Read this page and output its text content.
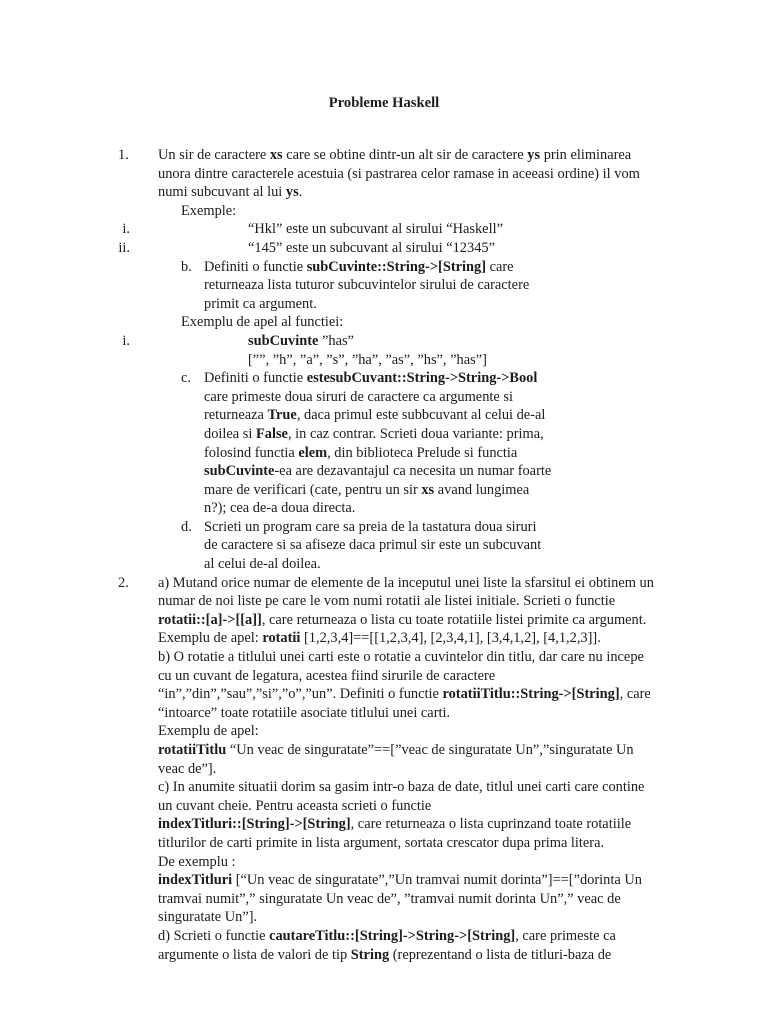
Probleme Haskell
1. Un sir de caractere xs care se obtine dintr-un alt sir de caractere ys prin eliminarea unora dintre caracterele acestuia (si pastrarea celor ramase in aceeasi ordine) il vom numi subcuvant al lui ys.

Exemple:

i.	“Hkl” este un subcuvant al sirului “Haskell”

ii.	“145” este un subcuvant al sirului “12345”

b. Definiti o functie subCuvinte::String->[String] care returneaza lista tuturor subcuvintelor sirului de caractere primit ca argument.

Exemplu de apel al functiei:

i.	subCuvinte ”has”

[””, ”h”, ”a”, ”s”, ”ha”, ”as”, ”hs”, ”has”]

c. Definiti o functie estesubCuvant::String->String->Bool care primeste doua siruri de caractere ca argumente si returneaza True, daca primul este subbcuvant al celui de-al doilea si False, in caz contrar. Scrieti doua variante: prima, folosind functia elem, din biblioteca Prelude si functia subCuvinte-ea are dezavantajul ca necesita un numar foarte mare de verificari (cate, pentru un sir xs avand lungimea n?); cea de-a doua directa.

d. Scrieti un program care sa preia de la tastatura doua siruri de caractere si sa afiseze daca primul sir este un subcuvant al celui de-al doilea.

2. a) Mutand orice numar de elemente de la inceputul unei liste la sfarsitul ei obtinem un numar de noi liste pe care le vom numi rotatii ale listei initiale. Scrieti o functie rotatii::[a]->[[a]], care returneaza o lista cu toate rotatiile listei primite ca argument.

Exemplu de apel: rotatii [1,2,3,4]==[[1,2,3,4], [2,3,4,1], [3,4,1,2], [4,1,2,3]].

b) O rotatie a titlului unei carti este o rotatie a cuvintelor din titlu, dar care nu incepe cu un cuvant de legatura, acestea fiind sirurile de caractere “in”,”din”,”sau”,”si”,”o”,”un”. Definiti o functie rotatiiTitlu::String->[String], care “intoarce” toate rotatiile asociate titlului unei carti.

Exemplu de apel:

rotatiiTitlu “Un veac de singuratate”==[”veac de singuratate Un”,”singuratate Un veac de”].

c) In anumite situatii dorim sa gasim intr-o baza de date, titlul unei carti care contine un cuvant cheie. Pentru aceasta scrieti o functie

indexTitluri::[String]->[String], care returneaza o lista cuprinzand toate rotatiile titlurilor de carti primite in lista argument, sortata crescator dupa prima litera.

De exemplu :

indexTitluri [“Un veac de singuratate”,”Un tramvai numit dorinta”]==[”dorinta Un tramvai numit”,” singuratate Un veac de”, ”tramvai numit dorinta Un”,” veac de singuratate Un”].

d) Scrieti o functie cautareTitlu::[String]->String->[String], care primeste ca argumente o lista de valori de tip String (reprezentand o lista de titluri-baza de
